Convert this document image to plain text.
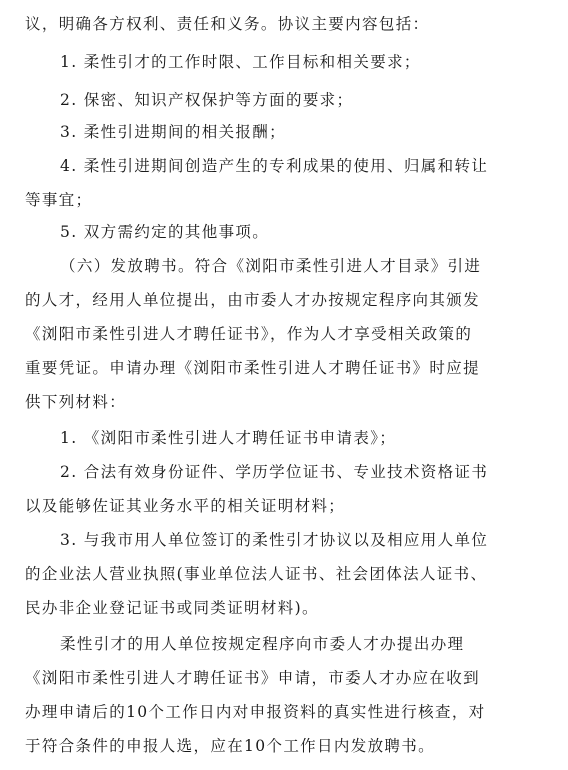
议，明确各方权利、责任和义务。协议主要内容包括：
1. 柔性引才的工作时限、工作目标和相关要求；
2. 保密、知识产权保护等方面的要求；
3. 柔性引进期间的相关报酬；
4. 柔性引进期间创造产生的专利成果的使用、归属和转让
等事宜；
5. 双方需约定的其他事项。
（六）发放聘书。符合《浏阳市柔性引进人才目录》引进
的人才，经用人单位提出，由市委人才办按规定程序向其颁发
《浏阳市柔性引进人才聘任证书》，作为人才享受相关政策的
重要凭证。申请办理《浏阳市柔性引进人才聘任证书》时应提
供下列材料：
1. 《浏阳市柔性引进人才聘任证书申请表》；
2. 合法有效身份证件、学历学位证书、专业技术资格证书
以及能够佐证其业务水平的相关证明材料；
3. 与我市用人单位签订的柔性引才协议以及相应用人单位
的企业法人营业执照(事业单位法人证书、社会团体法人证书、
民办非企业登记证书或同类证明材料)。
柔性引才的用人单位按规定程序向市委人才办提出办理
《浏阳市柔性引进人才聘任证书》申请，市委人才办应在收到
办理申请后的10个工作日内对申报资料的真实性进行核查，对
于符合条件的申报人选，应在10个工作日内发放聘书。
